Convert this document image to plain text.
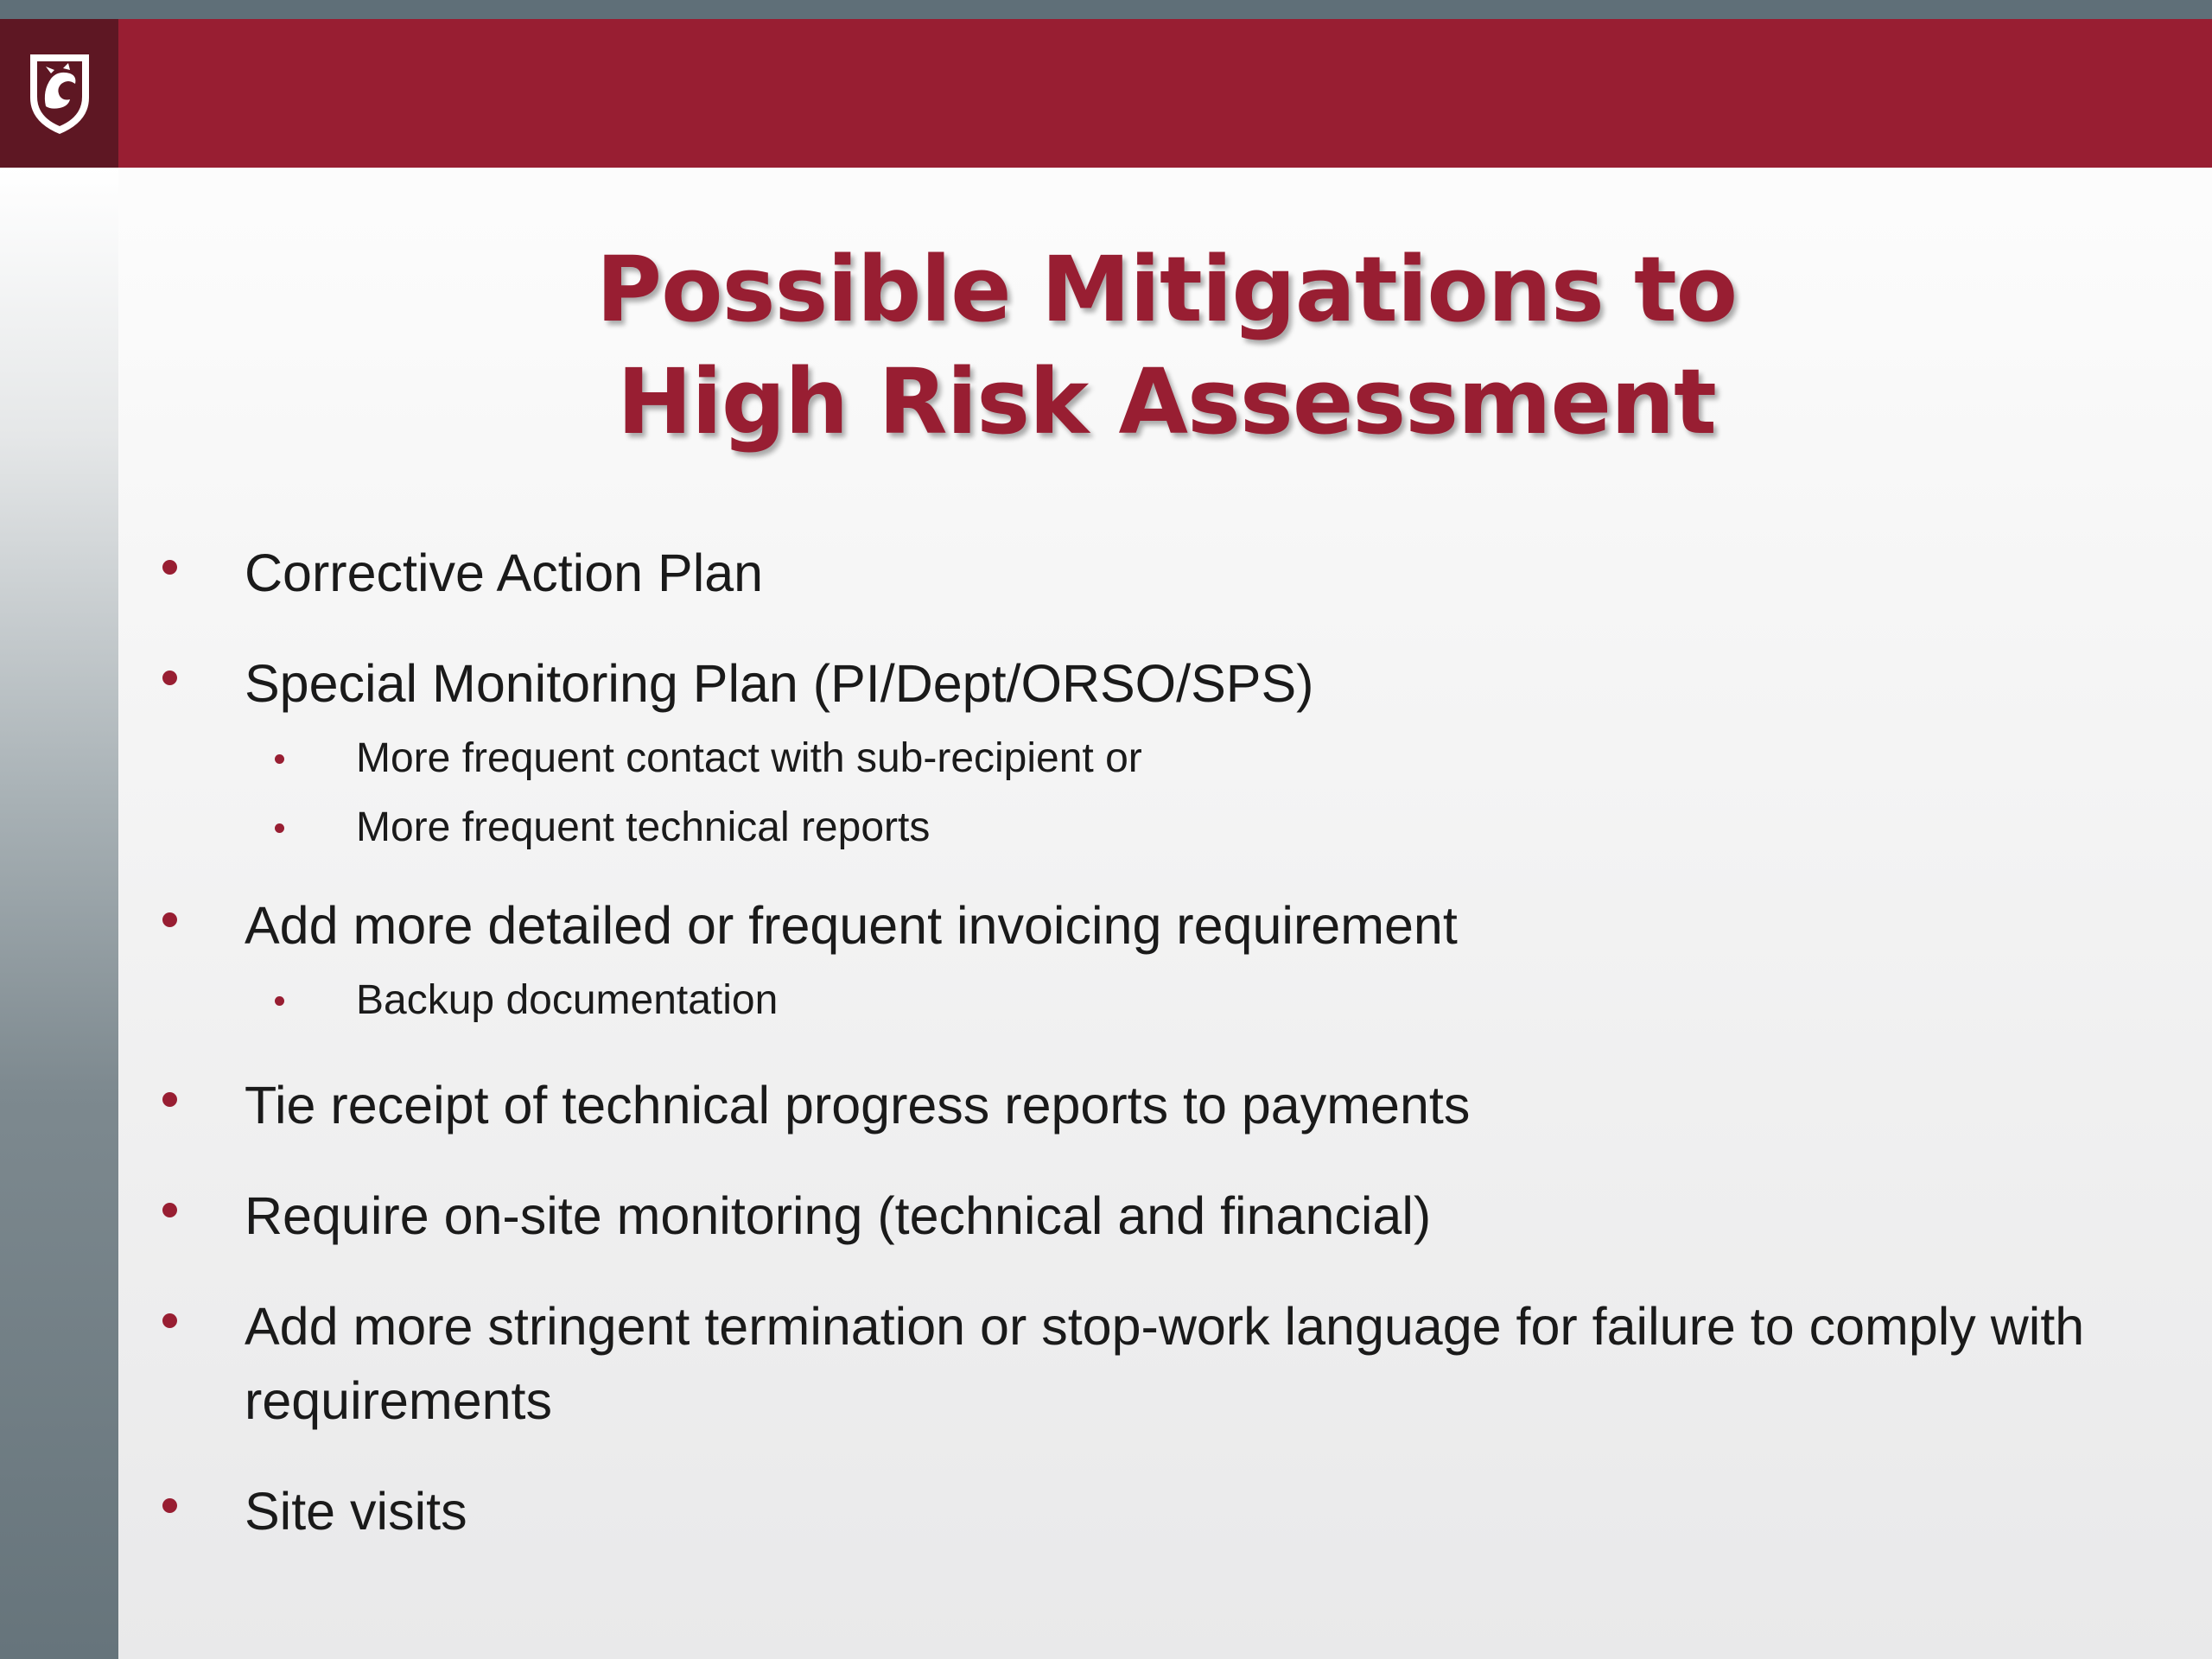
Possible Mitigations to
High Risk Assessment
Corrective Action Plan
Special Monitoring Plan (PI/Dept/ORSO/SPS)
More frequent contact with sub-recipient or
More frequent technical reports
Add more detailed or frequent invoicing requirement
Backup documentation
Tie receipt of technical progress reports to payments
Require on-site monitoring (technical and financial)
Add more stringent termination or stop-work language for failure to comply with requirements
Site visits
